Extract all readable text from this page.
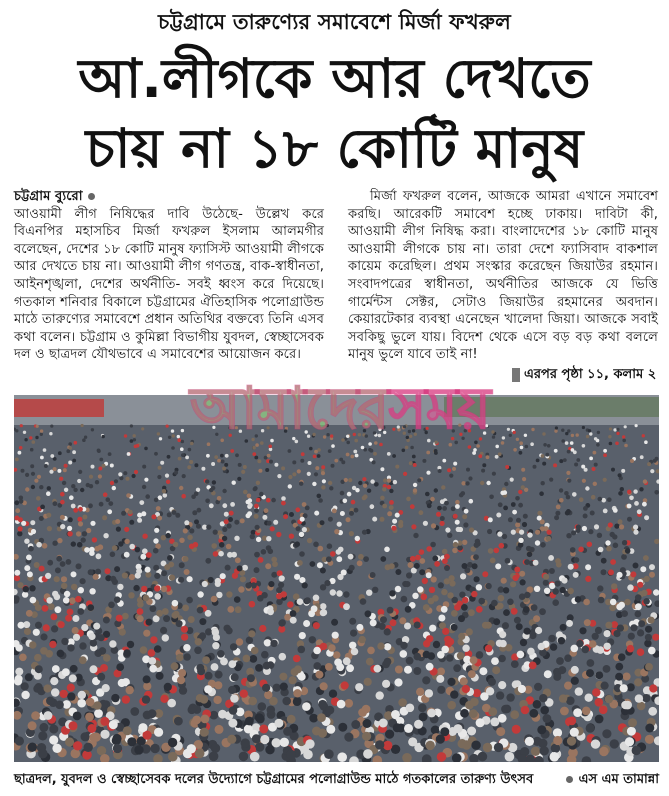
চট্টগ্রামে তারুণ্যের সমাবেশে মির্জা ফখরুল
আ.লীগকে আর দেখতে
চায় না ১৮ কোটি মানুষ
চট্টগ্রাম ব্যুরো
আওয়ামী লীগ নিষিদ্ধের দাবি উঠেছে- উল্লেখ করে বিএনপির মহাসচিব মির্জা ফখরুল ইসলাম আলমগীর বলেছেন, দেশের ১৮ কোটি মানুষ ফ্যাসিস্ট আওয়ামী লীগকে আর দেখতে চায় না। আওয়ামী লীগ গণতন্ত্র, বাক-স্বাধীনতা, আইনশৃঙ্খলা, দেশের অর্থনীতি- সবই ধ্বংস করে দিয়েছে। গতকাল শনিবার বিকালে চট্টগ্রামের ঐতিহাসিক পলোগ্রাউন্ড মাঠে তারুণ্যের সমাবেশে প্রধান অতিথির বক্তব্যে তিনি এসব কথা বলেন। চট্টগ্রাম ও কুমিল্লা বিভাগীয় যুবদল, স্বেচ্ছাসেবক দল ও ছাত্রদল যৌথভাবে এ সমাবেশের আয়োজন করে।
মির্জা ফখরুল বলেন, আজকে আমরা এখানে সমাবেশ করছি। আরেকটি সমাবেশ হচ্ছে ঢাকায়। দাবিটা কী, আওয়ামী লীগ নিষিদ্ধ করা। বাংলাদেশের ১৮ কোটি মানুষ আওয়ামী লীগকে চায় না। তারা দেশে ফ্যাসিবাদ বাকশাল কায়েম করেছিল। প্রথম সংস্কার করেছেন জিয়াউর রহমান। সংবাদপত্রের স্বাধীনতা, অর্থনীতির আজকে যে ভিত্তি গার্মেন্টস সেক্টর, সেটাও জিয়াউর রহমানের অবদান। কেয়ারটেকার ব্যবস্থা এনেছেন খালেদা জিয়া। আজকে সবাই সবকিছু ভুলে যায়। বিদেশ থেকে এসে বড় বড় কথা বললে মানুষ ভুলে যাবে তাই না!
এরপর পৃষ্ঠা ১১, কলাম ২
আমাদেরসময়
ছাত্রদল, যুবদল ও স্বেচ্ছাসেবক দলের উদ্যোগে চট্টগ্রামের পলোগ্রাউন্ড মাঠে গতকালের তারুণ্য উৎসব	এস এম তামান্না
